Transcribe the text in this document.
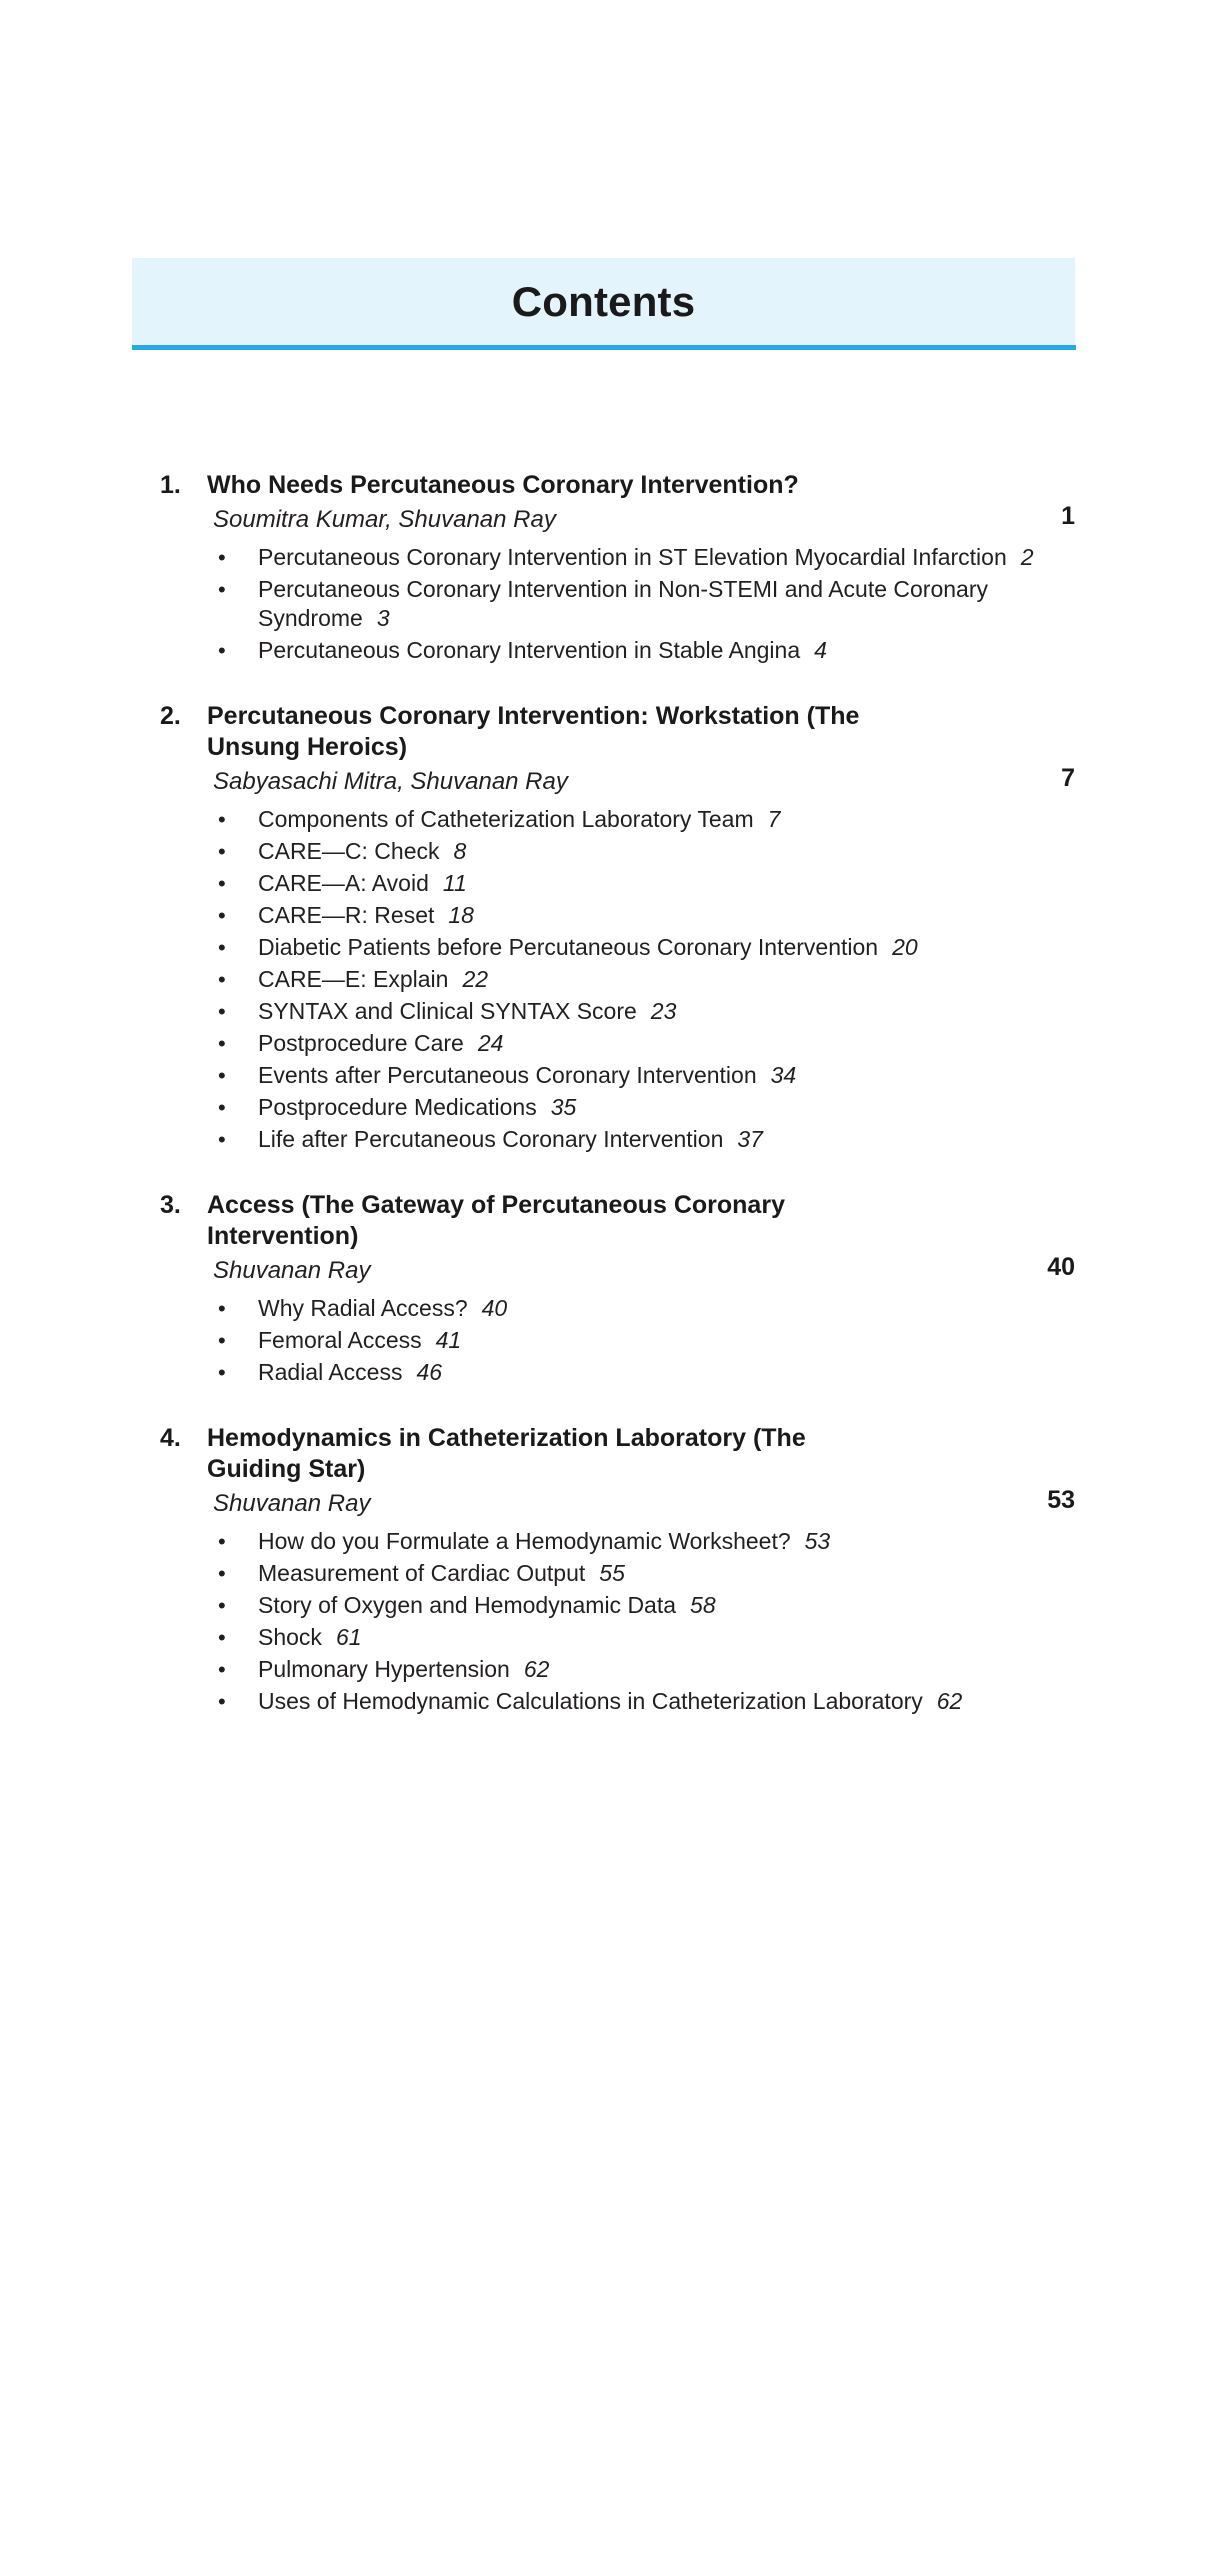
Contents
1.	Who Needs Percutaneous Coronary Intervention?
1
Soumitra Kumar, Shuvanan Ray
• Percutaneous Coronary Intervention in ST Elevation Myocardial Infarction 2
• Percutaneous Coronary Intervention in Non-STEMI and Acute Coronary Syndrome 3
• Percutaneous Coronary Intervention in Stable Angina 4
2.	Percutaneous Coronary Intervention: Workstation (The Unsung Heroics)
7
Sabyasachi Mitra, Shuvanan Ray
• Components of Catheterization Laboratory Team 7
• CARE—C: Check 8
• CARE—A: Avoid 11
• CARE—R: Reset 18
• Diabetic Patients before Percutaneous Coronary Intervention 20
• CARE—E: Explain 22
• SYNTAX and Clinical SYNTAX Score 23
• Postprocedure Care 24
• Events after Percutaneous Coronary Intervention 34
• Postprocedure Medications 35
• Life after Percutaneous Coronary Intervention 37
3.	Access (The Gateway of Percutaneous Coronary Intervention)
40
Shuvanan Ray
• Why Radial Access? 40
• Femoral Access 41
• Radial Access 46
4.	Hemodynamics in Catheterization Laboratory (The Guiding Star)
53
Shuvanan Ray
• How do you Formulate a Hemodynamic Worksheet? 53
• Measurement of Cardiac Output 55
• Story of Oxygen and Hemodynamic Data 58
• Shock 61
• Pulmonary Hypertension 62
• Uses of Hemodynamic Calculations in Catheterization Laboratory 62
